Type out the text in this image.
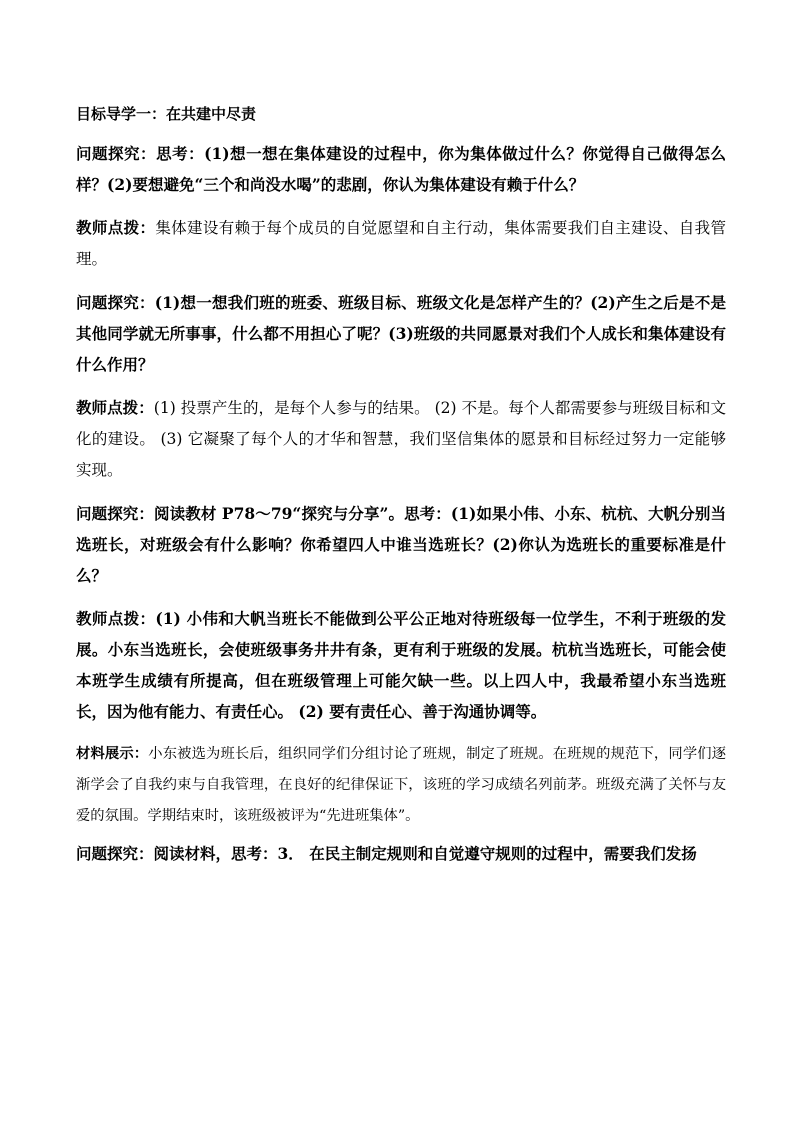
目标导学一：在共建中尽责

问题探究：思考：(1)想一想在集体建设的过程中，你为集体做过什么？你觉得自己做得怎么样？(2)要想避免“三个和尚没水喝”的悲剧，你认为集体建设有赖于什么？

教师点拨：集体建设有赖于每个成员的自觉愿望和自主行动，集体需要我们自主建设、自我管理。

问题探究：(1)想一想我们班的班委、班级目标、班级文化是怎样产生的？(2)产生之后是不是其他同学就无所事事，什么都不用担心了呢？(3)班级的共同愿景对我们个人成长和集体建设有什么作用？

教师点拨：(1) 投票产生的，是每个人参与的结果。 (2) 不是。每个人都需要参与班级目标和文化的建设。 (3) 它凝聚了每个人的才华和智慧，我们坚信集体的愿景和目标经过努力一定能够实现。

问题探究：阅读教材 P78～79“探究与分享”。思考：(1)如果小伟、小东、杭杭、大帆分别当选班长，对班级会有什么影响？你希望四人中谁当选班长？(2)你认为选班长的重要标准是什么？

教师点拨：(1) 小伟和大帆当班长不能做到公平公正地对待班级每一位学生，不利于班级的发展。小东当选班长，会使班级事务井井有条，更有利于班级的发展。杭杭当选班长，可能会使本班学生成绩有所提高，但在班级管理上可能欠缺一些。以上四人中，我最希望小东当选班长，因为他有能力、有责任心。 (2) 要有责任心、善于沟通协调等。

材料展示：小东被选为班长后，组织同学们分组讨论了班规，制定了班规。在班规的规范下，同学们逐渐学会了自我约束与自我管理，在良好的纪律保证下，该班的学习成绩名列前茅。班级充满了关怀与友爱的氛围。学期结束时，该班级被评为“先进班集体”。

问题探究：阅读材料，思考：3． 在民主制定规则和自觉遵守规则的过程中，需要我们发扬
